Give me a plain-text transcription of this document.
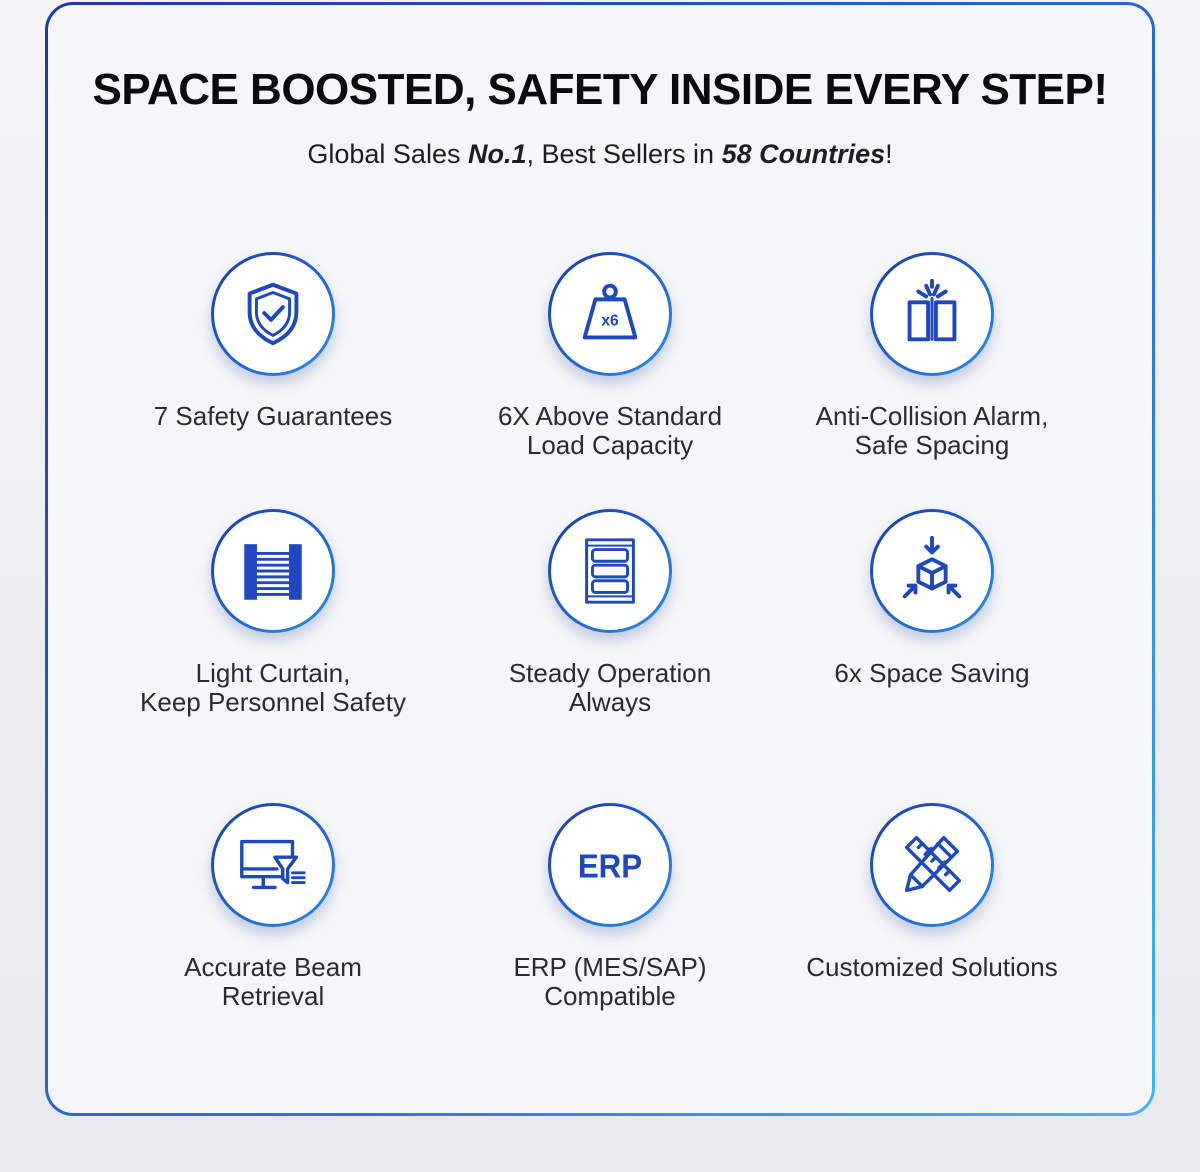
SPACE BOOSTED, SAFETY INSIDE EVERY STEP!

Global Sales No.1, Best Sellers in 58 Countries!

7 Safety Guarantees
x6
6X Above Standard
Load Capacity
Anti-Collision Alarm,
Safe Spacing
Light Curtain,
Keep Personnel Safety
Steady Operation
Always
6x Space Saving
Accurate Beam
Retrieval
ERP
ERP (MES/SAP)
Compatible
Customized Solutions
